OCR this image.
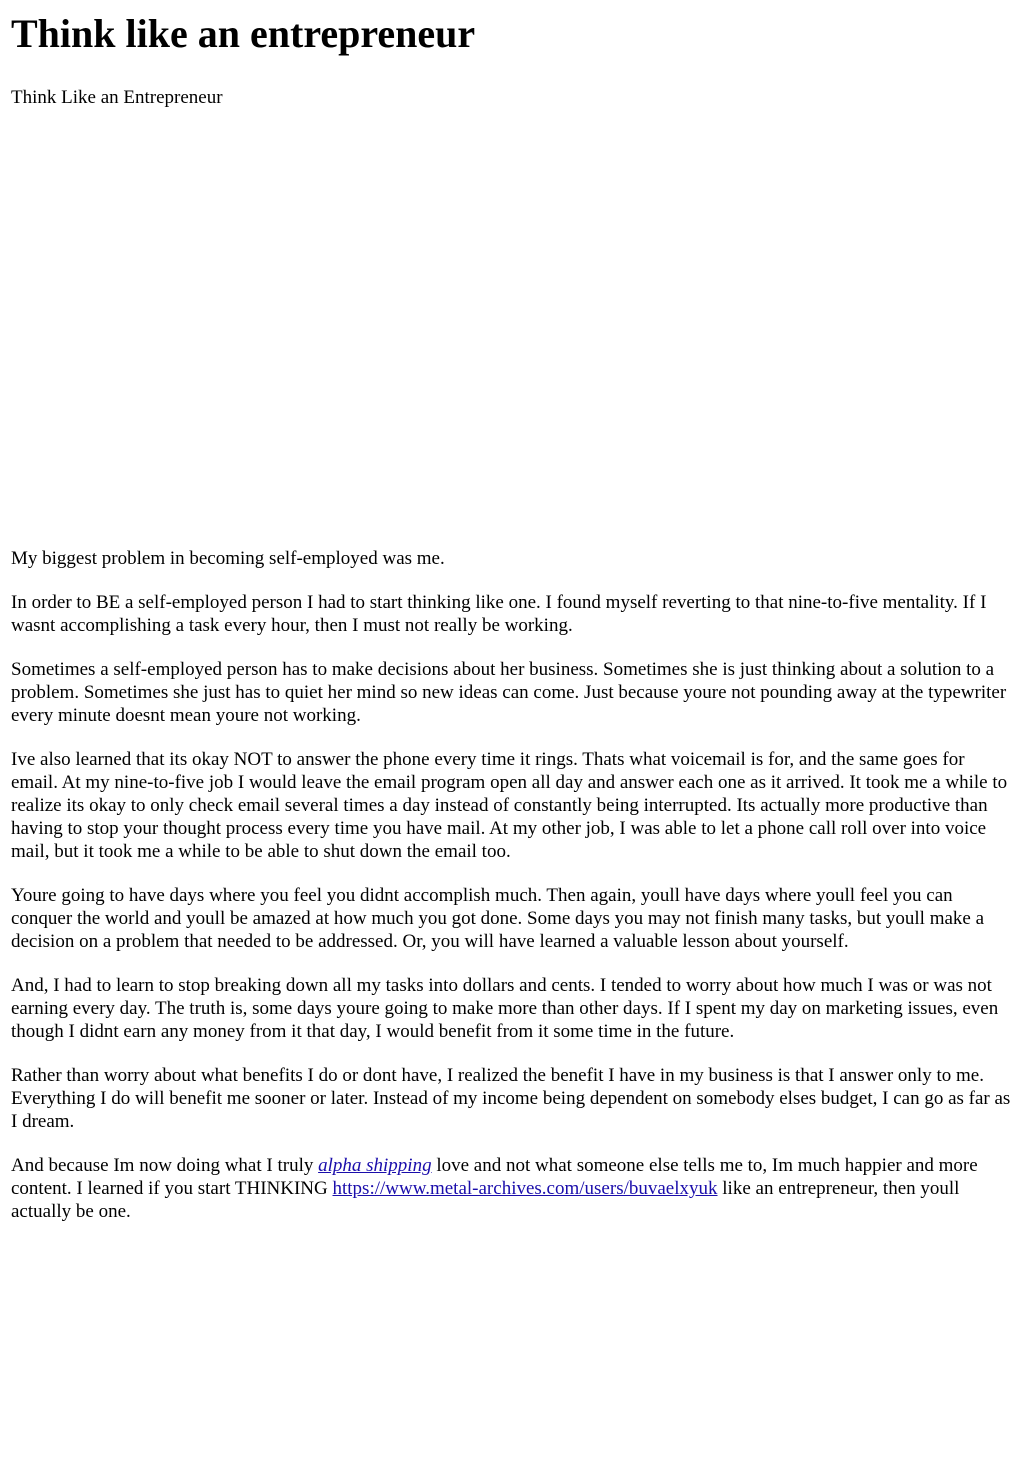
Think like an entrepreneur
Think Like an Entrepreneur

My biggest problem in becoming self-employed was me.

In order to BE a self-employed person I had to start thinking like one. I found myself reverting to that nine-to-five mentality. If I wasnt accomplishing a task every hour, then I must not really be working.

Sometimes a self-employed person has to make decisions about her business. Sometimes she is just thinking about a solution to a problem. Sometimes she just has to quiet her mind so new ideas can come. Just because youre not pounding away at the typewriter every minute doesnt mean youre not working.

Ive also learned that its okay NOT to answer the phone every time it rings. Thats what voicemail is for, and the same goes for email. At my nine-to-five job I would leave the email program open all day and answer each one as it arrived. It took me a while to realize its okay to only check email several times a day instead of constantly being interrupted. Its actually more productive than having to stop your thought process every time you have mail. At my other job, I was able to let a phone call roll over into voice mail, but it took me a while to be able to shut down the email too.

Youre going to have days where you feel you didnt accomplish much. Then again, youll have days where youll feel you can conquer the world and youll be amazed at how much you got done. Some days you may not finish many tasks, but youll make a decision on a problem that needed to be addressed. Or, you will have learned a valuable lesson about yourself.

And, I had to learn to stop breaking down all my tasks into dollars and cents. I tended to worry about how much I was or was not earning every day. The truth is, some days youre going to make more than other days. If I spent my day on marketing issues, even though I didnt earn any money from it that day, I would benefit from it some time in the future.

Rather than worry about what benefits I do or dont have, I realized the benefit I have in my business is that I answer only to me. Everything I do will benefit me sooner or later. Instead of my income being dependent on somebody elses budget, I can go as far as I dream.

And because Im now doing what I truly alpha shipping love and not what someone else tells me to, Im much happier and more content. I learned if you start THINKING https://www.metal-archives.com/users/buvaelxyuk like an entrepreneur, then youll actually be one.
